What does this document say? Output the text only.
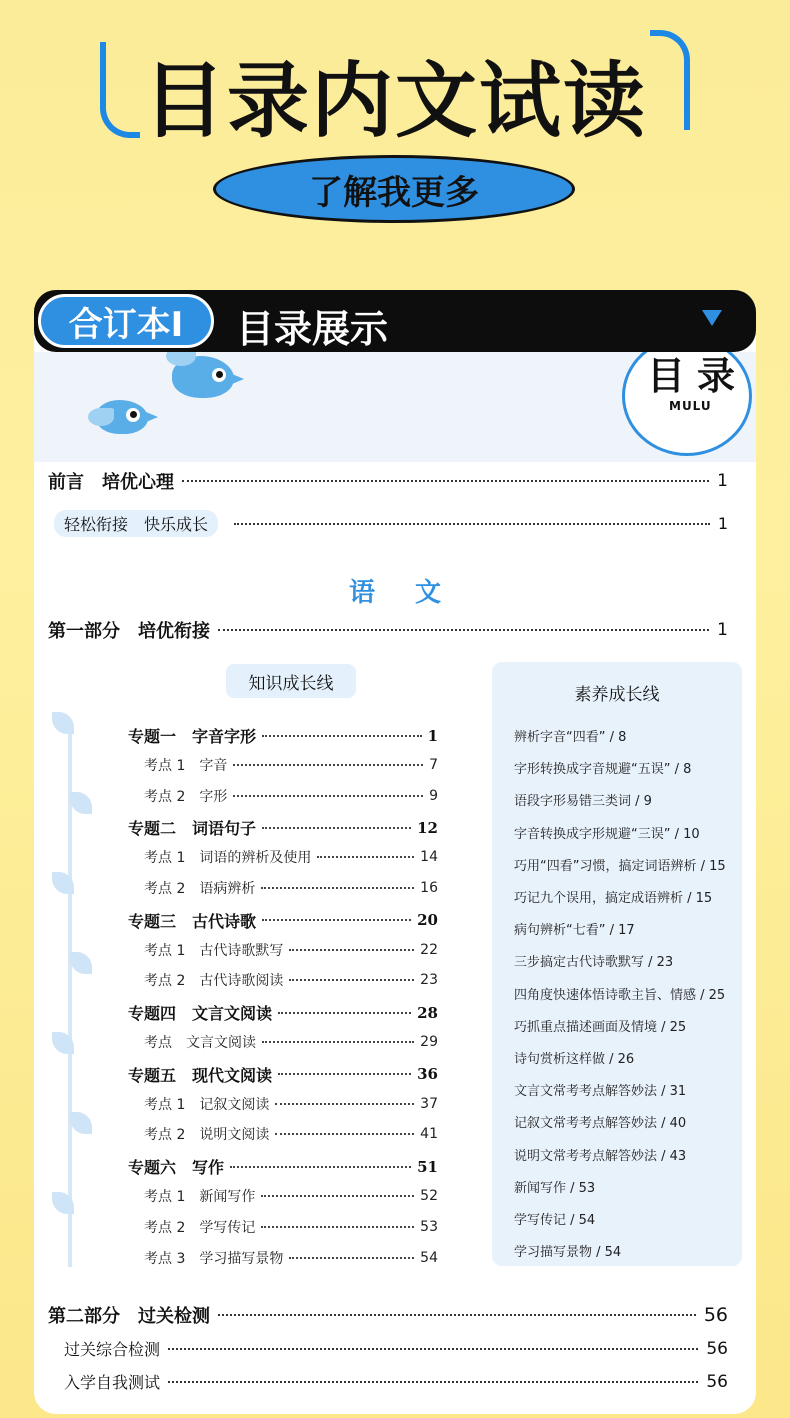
目录内文试读
了解我更多
目录
MULU
合订本I	目录展示
前言　培优心理	1
轻松衔接　快乐成长	1
语文
第一部分　培优衔接	1
知识成长线
专题一　字音字形	1
考点 1　字音	7
考点 2　字形	9
专题二　词语句子	12
考点 1　词语的辨析及使用	14
考点 2　语病辨析	16
专题三　古代诗歌	20
考点 1　古代诗歌默写	22
考点 2　古代诗歌阅读	23
专题四　文言文阅读	28
考点　文言文阅读	29
专题五　现代文阅读	36
考点 1　记叙文阅读	37
考点 2　说明文阅读	41
专题六　写作	51
考点 1　新闻写作	52
考点 2　学写传记	53
考点 3　学习描写景物	54
素养成长线
辨析字音“四看” / 8
字形转换成字音规避“五误” / 8
语段字形易错三类词 / 9
字音转换成字形规避“三误” / 10
巧用“四看”习惯，搞定词语辨析 / 15
巧记九个误用，搞定成语辨析 / 15
病句辨析“七看” / 17
三步搞定古代诗歌默写 / 23
四角度快速体悟诗歌主旨、情感 / 25
巧抓重点描述画面及情境 / 25
诗句赏析这样做 / 26
文言文常考考点解答妙法 / 31
记叙文常考考点解答妙法 / 40
说明文常考考点解答妙法 / 43
新闻写作 / 53
学写传记 / 54
学习描写景物 / 54
第二部分　过关检测	56
过关综合检测	56
入学自我测试	56
